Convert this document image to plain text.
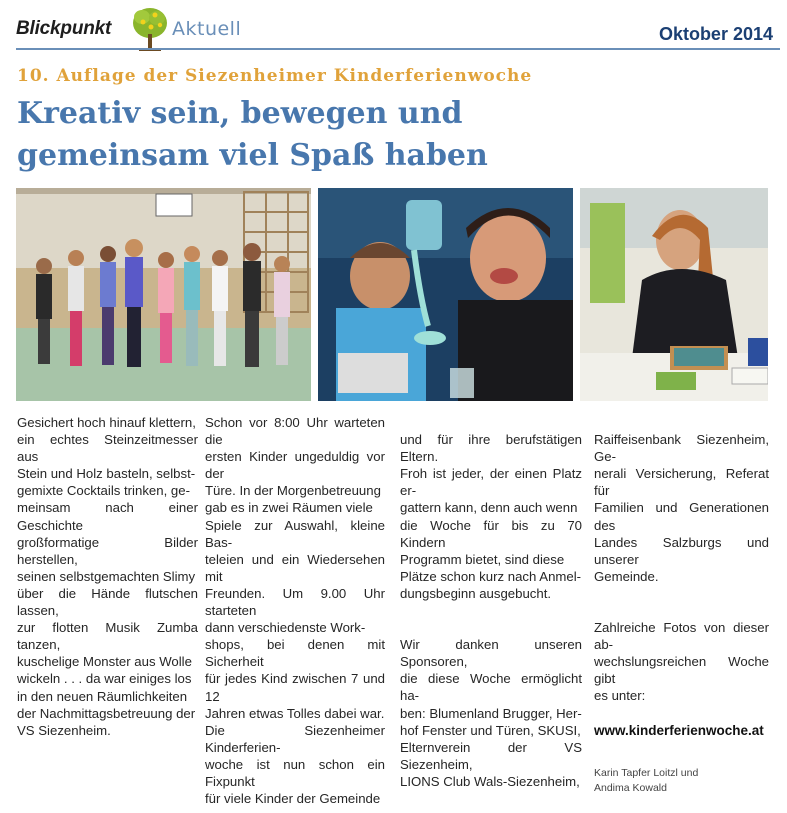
Blickpunkt	Aktuell	Oktober 2014
10. Auflage der Siezenheimer Kinderferienwoche
Kreativ sein, bewegen und
gemeinsam viel Spaß haben
Gesichert hoch hinauf klettern,
ein echtes Steinzeitmesser aus
Stein und Holz basteln, selbst-
gemixte Cocktails trinken, ge-
meinsam nach einer Geschichte
großformatige Bilder herstellen,
seinen selbstgemachten Slimy
über die Hände flutschen lassen,
zur flotten Musik Zumba tanzen,
kuschelige Monster aus Wolle
wickeln . . . da war einiges los
in den neuen Räumlichkeiten
der Nachmittagsbetreuung der
VS Siezenheim.
Schon vor 8:00 Uhr warteten die
ersten Kinder ungeduldig vor der
Türe. In der Morgenbetreuung
gab es in zwei Räumen viele
Spiele zur Auswahl, kleine Bas-
teleien und ein Wiedersehen mit
Freunden. Um 9.00 Uhr starteten
dann verschiedenste Work-
shops, bei denen mit Sicherheit
für jedes Kind zwischen 7 und 12
Jahren etwas Tolles dabei war.
Die Siezenheimer Kinderferien-
woche ist nun schon ein Fixpunkt
für viele Kinder der Gemeinde

und für ihre berufstätigen Eltern.
Froh ist jeder, der einen Platz er-
gattern kann, denn auch wenn
die Woche für bis zu 70 Kindern
Programm bietet, sind diese
Plätze schon kurz nach Anmel-
dungsbeginn ausgebucht.

Wir danken unseren Sponsoren,
die diese Woche ermöglicht ha-
ben: Blumenland Brugger, Her-
hof Fenster und Türen, SKUSI,
Elternverein der VS Siezenheim,
LIONS Club Wals-Siezenheim,

Raiffeisenbank Siezenheim, Ge-
nerali Versicherung, Referat für
Familien und Generationen des
Landes Salzburgs und unserer
Gemeinde.

Zahlreiche Fotos von dieser ab-
wechslungsreichen Woche gibt
es unter:

www.kinderferienwoche.at

Karin Tapfer Loitzl und
Andima Kowald
